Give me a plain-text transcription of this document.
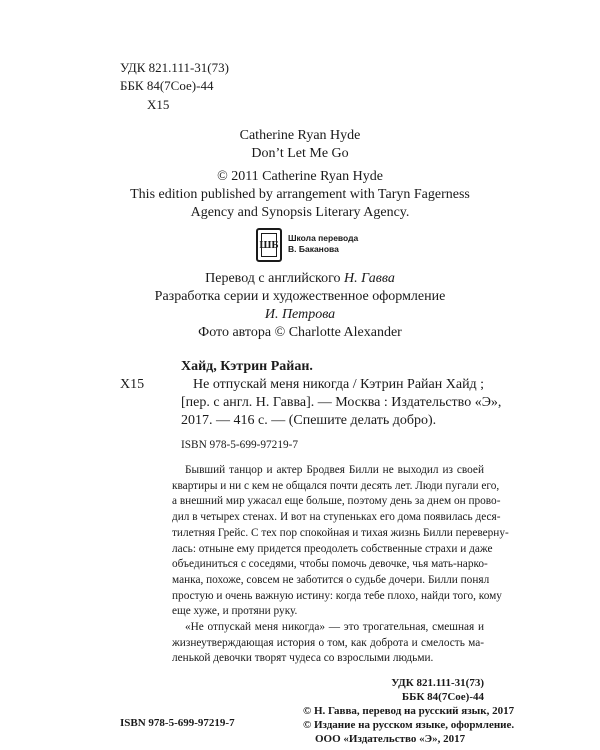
УДК 821.111-31(73)
ББК 84(7Сое)-44
Х15
Catherine Ryan Hyde
Don’t Let Me Go
© 2011 Catherine Ryan Hyde
This edition published by arrangement with Taryn Fagerness
Agency and Synopsis Literary Agency.
ШБ
Школа перевода
В. Баканова
Перевод с английского Н. Гавва
Разработка серии и художественное оформление
И. Петрова
Фото автора © Charlotte Alexander
Хайд, Кэтрин Райан.
Х15	Не отпускай меня никогда / Кэтрин Райан Хайд ;
[пер. с англ. Н. Гавва]. — Москва : Издательство «Э»,
2017. — 416 с. — (Спешите делать добро).
ISBN 978-5-699-97219-7
Бывший танцор и актер Бродвея Билли не выходил из своей
квартиры и ни с кем не общался почти десять лет. Люди пугали его,
а внешний мир ужасал еще больше, поэтому день за днем он прово-
дил в четырех стенах. И вот на ступеньках его дома появилась деся-
тилетняя Грейс. С тех пор спокойная и тихая жизнь Билли переверну-
лась: отныне ему придется преодолеть собственные страхи и даже
объединиться с соседями, чтобы помочь девочке, чья мать-нарко-
манка, похоже, совсем не заботится о судьбе дочери. Билли понял
простую и очень важную истину: когда тебе плохо, найди того, кому
еще хуже, и протяни руку.
«Не отпускай меня никогда» — это трогательная, смешная и
жизнеутверждающая история о том, как доброта и смелость ма-
ленькой девочки творят чудеса со взрослыми людьми.
УДК 821.111-31(73)
ББК 84(7Сое)-44
ISBN 978-5-699-97219-7
© Н. Гавва, перевод на русский язык, 2017
© Издание на русском языке, оформление.
ООО «Издательство «Э», 2017
